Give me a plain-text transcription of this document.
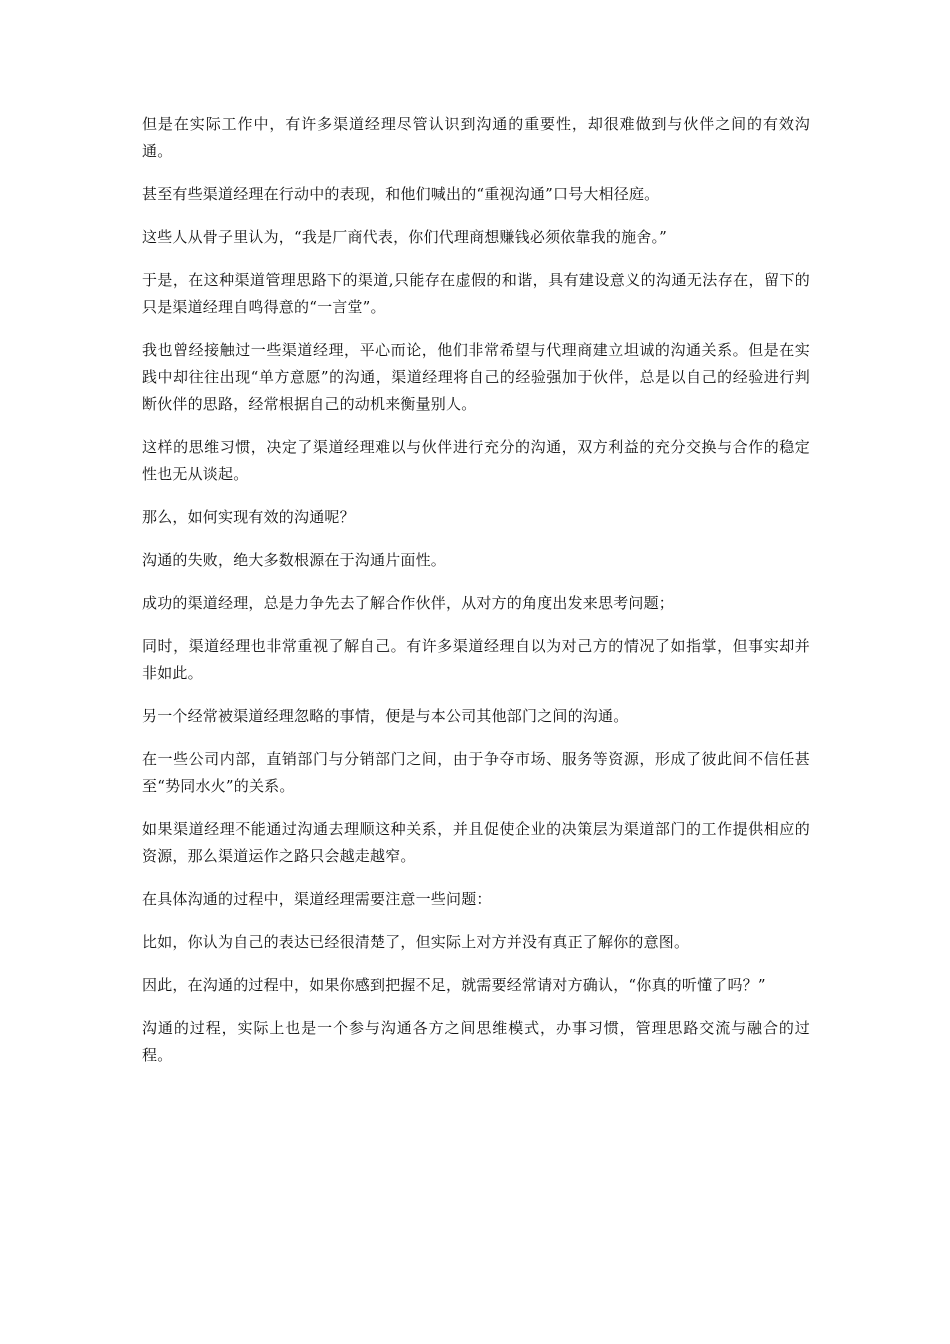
但是在实际工作中，有许多渠道经理尽管认识到沟通的重要性，却很难做到与伙伴之间的有效沟通。

甚至有些渠道经理在行动中的表现，和他们喊出的“重视沟通”口号大相径庭。

这些人从骨子里认为，“我是厂商代表，你们代理商想赚钱必须依靠我的施舍。”

于是，在这种渠道管理思路下的渠道,只能存在虚假的和谐，具有建设意义的沟通无法存在，留下的只是渠道经理自鸣得意的“一言堂”。

我也曾经接触过一些渠道经理，平心而论，他们非常希望与代理商建立坦诚的沟通关系。但是在实践中却往往出现“单方意愿”的沟通，渠道经理将自己的经验强加于伙伴，总是以自己的经验进行判断伙伴的思路，经常根据自己的动机来衡量别人。

这样的思维习惯，决定了渠道经理难以与伙伴进行充分的沟通，双方利益的充分交换与合作的稳定性也无从谈起。

那么，如何实现有效的沟通呢？

沟通的失败，绝大多数根源在于沟通片面性。

成功的渠道经理，总是力争先去了解合作伙伴，从对方的角度出发来思考问题；

同时，渠道经理也非常重视了解自己。有许多渠道经理自以为对己方的情况了如指掌，但事实却并非如此。

另一个经常被渠道经理忽略的事情，便是与本公司其他部门之间的沟通。

在一些公司内部，直销部门与分销部门之间，由于争夺市场、服务等资源，形成了彼此间不信任甚至“势同水火”的关系。

如果渠道经理不能通过沟通去理顺这种关系，并且促使企业的决策层为渠道部门的工作提供相应的资源，那么渠道运作之路只会越走越窄。

在具体沟通的过程中，渠道经理需要注意一些问题：

比如，你认为自己的表达已经很清楚了，但实际上对方并没有真正了解你的意图。

因此，在沟通的过程中，如果你感到把握不足，就需要经常请对方确认，“你真的听懂了吗？”

沟通的过程，实际上也是一个参与沟通各方之间思维模式，办事习惯，管理思路交流与融合的过程。
